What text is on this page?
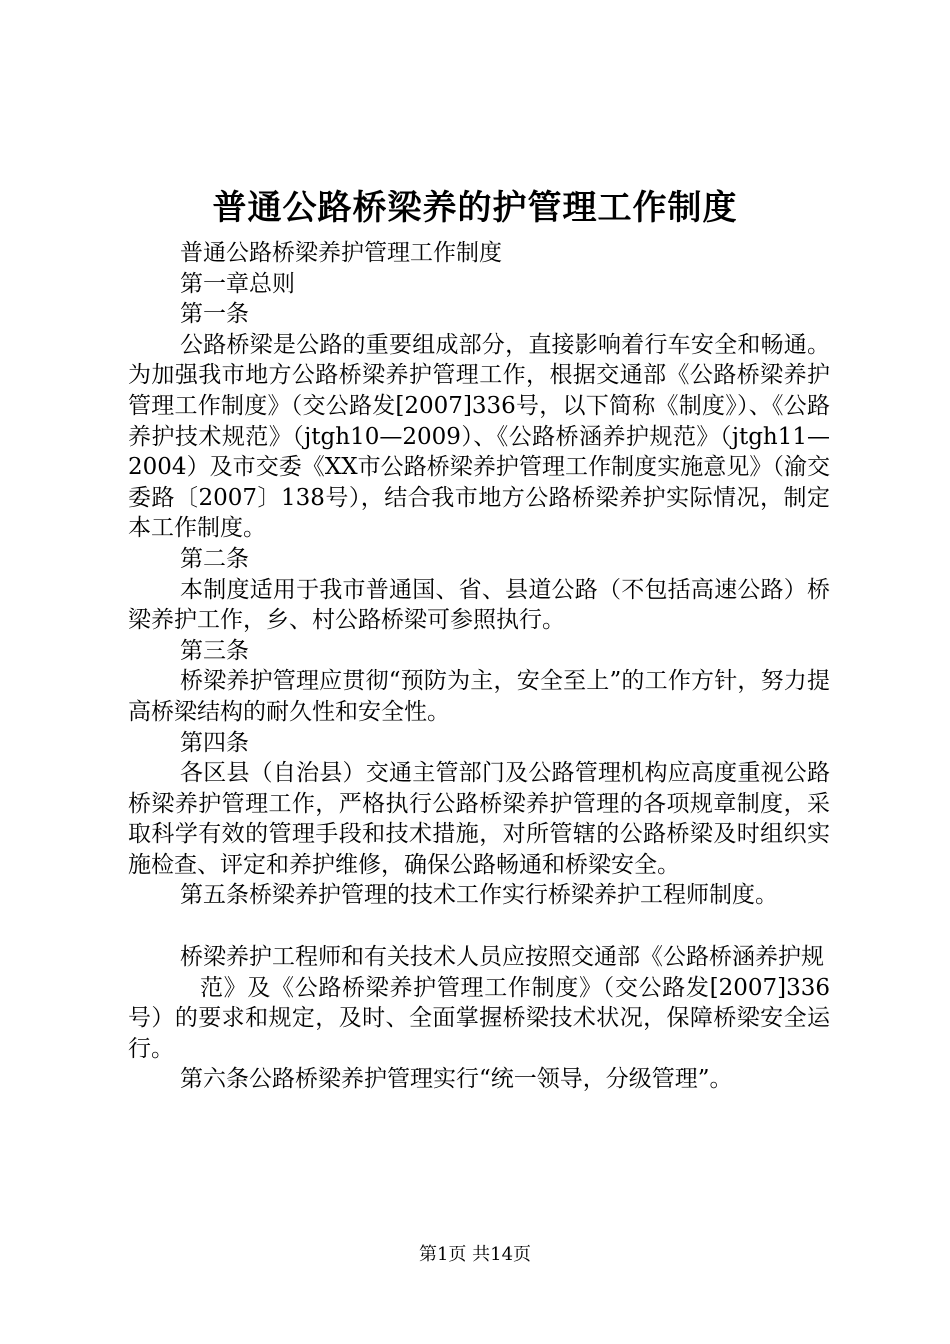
普通公路桥梁养的护管理工作制度

普通公路桥梁养护管理工作制度

第一章总则

第一条

公路桥梁是公路的重要组成部分，直接影响着行车安全和畅通。为加强我市地方公路桥梁养护管理工作，根据交通部《公路桥梁养护管理工作制度》（交公路发[2007]336号，以下简称《制度》）、《公路养护技术规范》（jtgh10—2009）、《公路桥涵养护规范》（jtgh11—2004）及市交委《XX市公路桥梁养护管理工作制度实施意见》（渝交委路〔2007〕138号），结合我市地方公路桥梁养护实际情况，制定本工作制度。

第二条

本制度适用于我市普通国、省、县道公路（不包括高速公路）桥梁养护工作，乡、村公路桥梁可参照执行。

第三条

桥梁养护管理应贯彻“预防为主，安全至上”的工作方针，努力提高桥梁结构的耐久性和安全性。

第四条

各区县（自治县）交通主管部门及公路管理机构应高度重视公路桥梁养护管理工作，严格执行公路桥梁养护管理的各项规章制度，采取科学有效的管理手段和技术措施，对所管辖的公路桥梁及时组织实施检查、评定和养护维修，确保公路畅通和桥梁安全。

第五条桥梁养护管理的技术工作实行桥梁养护工程师制度。

桥梁养护工程师和有关技术人员应按照交通部《公路桥涵养护规

范》及《公路桥梁养护管理工作制度》（交公路发[2007]336号）的要求和规定，及时、全面掌握桥梁技术状况，保障桥梁安全运行。

第六条公路桥梁养护管理实行“统一领导，分级管理”。

第1页 共14页
